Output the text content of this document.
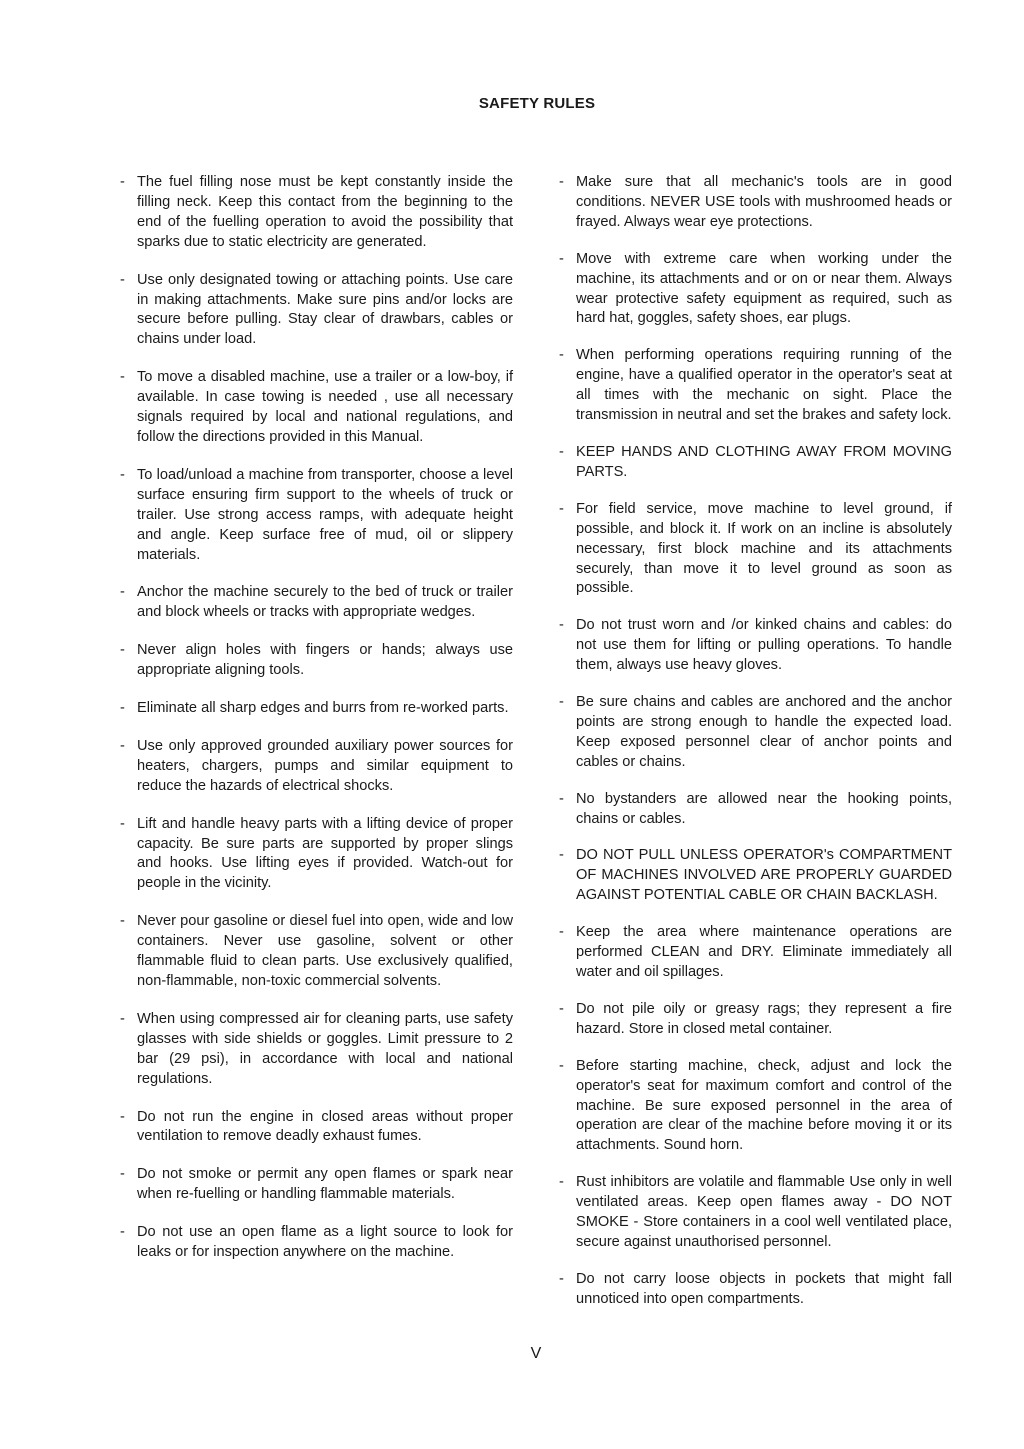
SAFETY RULES
- The fuel filling nose must be kept constantly inside the filling neck. Keep this contact from the beginning to the end of the fuelling operation to avoid the possibility that sparks due to static electricity are generated.
- Use only designated towing or attaching points. Use care in making attachments. Make sure pins and/or locks are secure before pulling. Stay clear of drawbars, cables or chains under load.
- To move a disabled machine, use a trailer or a low-boy, if available. In case towing is needed , use all necessary signals required by local and national regulations, and follow the directions provided in this Manual.
- To load/unload a machine from transporter, choose a level surface ensuring firm support to the wheels of truck or trailer. Use strong access ramps, with adequate height and angle. Keep surface free of mud, oil or slippery materials.
- Anchor the machine securely to the bed of truck or trailer and block wheels or tracks with appropriate wedges.
- Never align holes with fingers or hands; always use appropriate aligning tools.
- Eliminate all sharp edges and burrs from re-worked parts.
- Use only approved grounded auxiliary power sources for heaters, chargers, pumps and similar equipment to reduce the hazards of electrical shocks.
- Lift and handle heavy parts with a lifting device of proper capacity. Be sure parts are supported by proper slings and hooks. Use lifting eyes if provided. Watch-out for people in the vicinity.
- Never pour gasoline or diesel fuel into open, wide and low containers. Never use gasoline, solvent or other flammable fluid to clean parts. Use exclusively qualified, non-flammable, non-toxic commercial solvents.
- When using compressed air for cleaning parts, use safety glasses with side shields or goggles. Limit pressure to 2 bar (29 psi), in accordance with local and national regulations.
- Do not run the engine in closed areas without proper ventilation to remove deadly exhaust fumes.
- Do not smoke or permit any open flames or spark near when re-fuelling or handling flammable materials.
- Do not use an open flame as a light source to look for leaks or for inspection anywhere on the machine.
- Make sure that all mechanic's tools are in good conditions. NEVER USE tools with mushroomed heads or frayed. Always wear eye protections.
- Move with extreme care when working under the machine, its attachments and or on or near them. Always wear protective safety equipment as required, such as hard hat, goggles, safety shoes, ear plugs.
- When performing operations requiring running of the engine, have a qualified operator in the operator's seat at all times with the mechanic on sight. Place the transmission in neutral and set the brakes and safety lock.
- KEEP HANDS AND CLOTHING AWAY FROM MOVING PARTS.
- For field service, move machine to level ground, if possible, and block it. If work on an incline is absolutely necessary, first block machine and its attachments securely, than move it to level ground as soon as possible.
- Do not trust worn and /or kinked chains and cables: do not use them for lifting or pulling operations. To handle them, always use heavy gloves.
- Be sure chains and cables are anchored and the anchor points are strong enough to handle the expected load. Keep exposed personnel clear of anchor points and cables or chains.
- No bystanders are allowed near the hooking points, chains or cables.
- DO NOT PULL UNLESS OPERATOR's COMPARTMENT OF MACHINES INVOLVED ARE PROPERLY GUARDED AGAINST POTENTIAL CABLE OR CHAIN BACKLASH.
- Keep the area where maintenance operations are performed CLEAN and DRY. Eliminate immediately all water and oil spillages.
- Do not pile oily or greasy rags; they represent a fire hazard. Store in closed metal container.
- Before starting machine, check, adjust and lock the operator's seat for maximum comfort and control of the machine. Be sure exposed personnel in the area of operation are clear of the machine before moving it or its attachments. Sound horn.
- Rust inhibitors are volatile and flammable Use only in well ventilated areas. Keep open flames away - DO NOT SMOKE - Store containers in a cool well ventilated place, secure against unauthorised personnel.
- Do not carry loose objects in pockets that might fall unnoticed into open compartments.
V
